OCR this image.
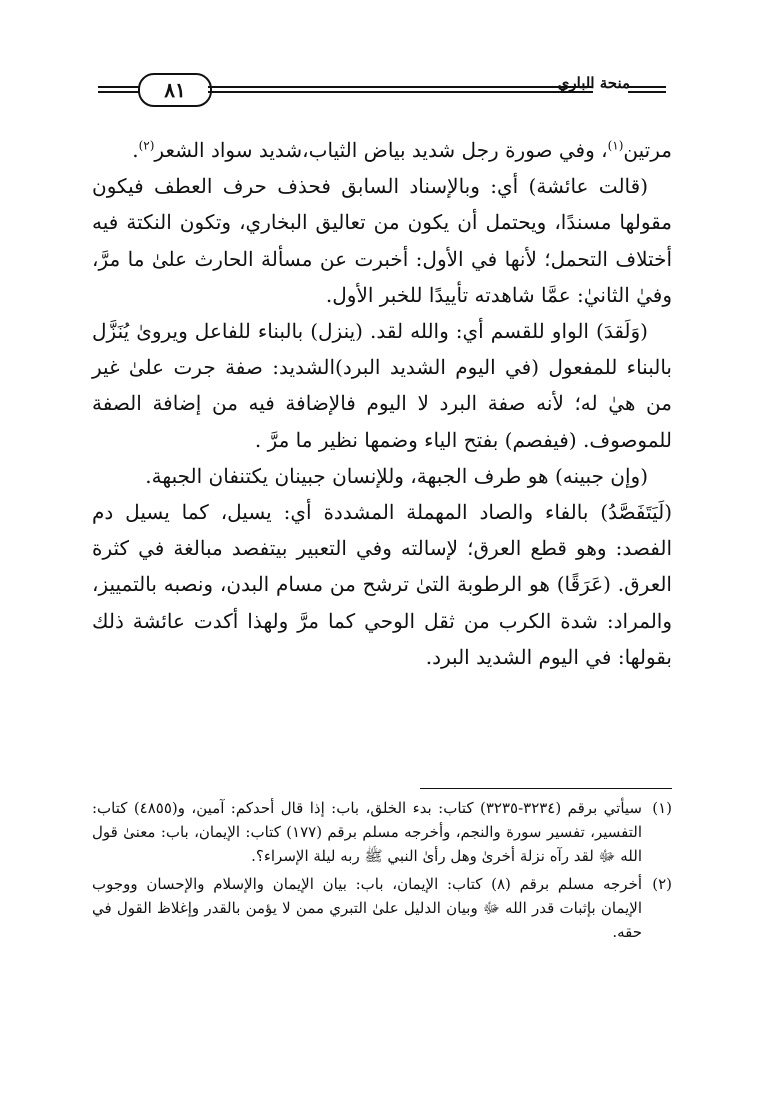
٨١	منحة الباري

مرتين$^{(١)}$، وفي صورة رجل شديد بياض الثياب،شديد سواد الشعر$^{(٢)}$.

(قالت عائشة) أي: وبالإسناد السابق فحذف حرف العطف فيكون مقولها مسندًا، ويحتمل أن يكون من تعاليق البخاري، وتكون النكتة فيه أختلاف التحمل؛ لأنها في الأول: أخبرت عن مسألة الحارث علىٰ ما مرَّ، وفيٰ الثانيٰ: عمَّا شاهدته تأييدًا للخبر الأول.

(وَلَقدَ) الواو للقسم أي: والله لقد. (ينزل) بالبناء للفاعل ويرویٰ يُنَزَّل بالبناء للمفعول (في اليوم الشديد البرد)الشديد: صفة جرت علىٰ غير من هيٰ له؛ لأنه صفة البرد لا اليوم فالإضافة فيه من إضافة الصفة للموصوف. (فيفصم) بفتح الياء وضمها نظير ما مرَّ .

(وإن جبينه) هو طرف الجبهة، وللإنسان جبينان يكتنفان الجبهة.

(لَيَتَفَصَّدُ) بالفاء والصاد المهملة المشددة أي: يسيل، كما يسيل دم الفصد: وهو قطع العرق؛ لإسالته وفي التعبير بيتفصد مبالغة في كثرة العرق. (عَرَقًا) هو الرطوبة التیٰ ترشح من مسام البدن، ونصبه بالتمييز، والمراد: شدة الكرب من ثقل الوحي كما مرَّ ولهذا أكدت عائشة ذلك بقولها: في اليوم الشديد البرد.

(١)
سيأتي برقم (٣٢٣٤-٣٢٣٥) كتاب: بدء الخلق، باب: إذا قال أحدكم: آمين، و(٤٨٥٥) كتاب: التفسير، تفسير سورة والنجم، وأخرجه مسلم برقم (١٧٧) كتاب: الإيمان، باب: معنىٰ قول الله ﷻ لقد رآه نزلة أخرىٰ وهل رأىٰ النبي ﷺ ربه ليلة الإسراء؟.
(٢)
أخرجه مسلم برقم (٨) كتاب: الإيمان، باب: بيان الإيمان والإسلام والإحسان ووجوب الإيمان بإثبات قدر الله ﷻ وبيان الدليل علىٰ التبري ممن لا يؤمن بالقدر وإغلاظ القول في حقه.
